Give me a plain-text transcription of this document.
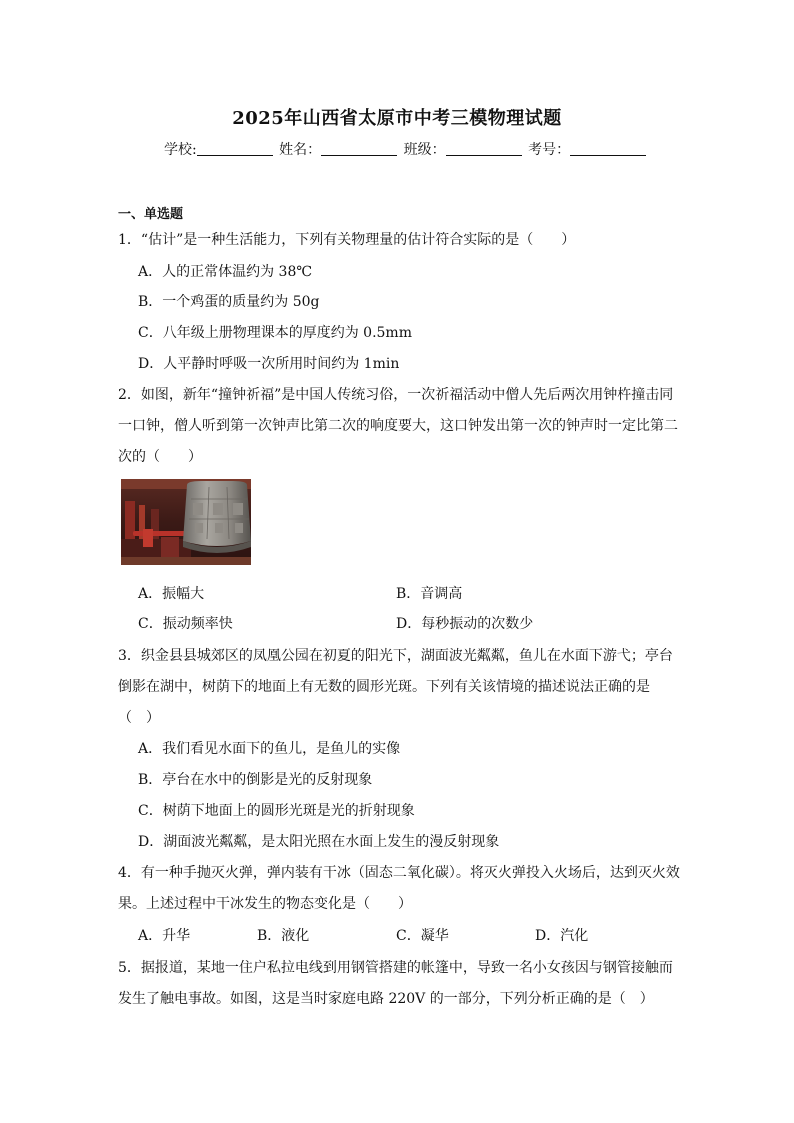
2025年山西省太原市中考三模物理试题
学校:	姓名：	班级：	考号：
一、单选题
1．“估计”是一种生活能力，下列有关物理量的估计符合实际的是（　　）
A．人的正常体温约为 38℃
B．一个鸡蛋的质量约为 50g
C．八年级上册物理课本的厚度约为 0.5mm
D．人平静时呼吸一次所用时间约为 1min
2．如图，新年“撞钟祈福”是中国人传统习俗，一次祈福活动中僧人先后两次用钟杵撞击同
一口钟，僧人听到第一次钟声比第二次的响度要大，这口钟发出第一次的钟声时一定比第二
次的（　　）
A．振幅大	B．音调高
C．振动频率快	D．每秒振动的次数少
3．织金县县城郊区的凤凰公园在初夏的阳光下，湖面波光粼粼，鱼儿在水面下游弋；亭台
倒影在湖中，树荫下的地面上有无数的圆形光斑。下列有关该情境的描述说法正确的是
（　）
A．我们看见水面下的鱼儿，是鱼儿的实像
B．亭台在水中的倒影是光的反射现象
C．树荫下地面上的圆形光斑是光的折射现象
D．湖面波光粼粼，是太阳光照在水面上发生的漫反射现象
4．有一种手抛灭火弹，弹内装有干冰（固态二氧化碳）。将灭火弹投入火场后，达到灭火效
果。上述过程中干冰发生的物态变化是（　　）
A．升华	B．液化	C．凝华	D．汽化
5．据报道，某地一住户私拉电线到用钢管搭建的帐篷中，导致一名小女孩因与钢管接触而
发生了触电事故。如图，这是当时家庭电路 220V 的一部分，下列分析正确的是（　）
